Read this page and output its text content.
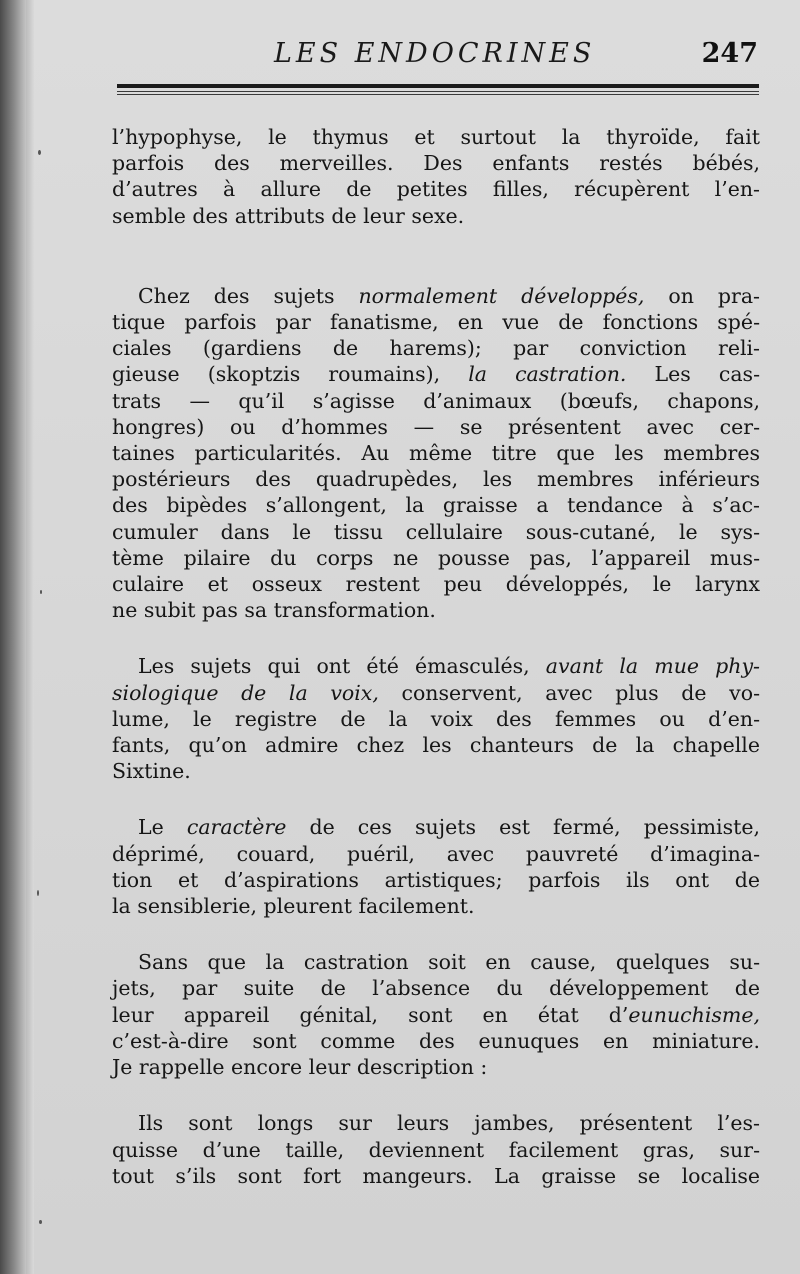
LES ENDOCRINES	247
l’hypophyse, le thymus et surtout la thyroïde, fait
parfois des merveilles. Des enfants restés bébés,
d’autres à allure de petites filles, récupèrent l’en-
semble des attributs de leur sexe.
Chez des sujets normalement développés, on pra-
tique parfois par fanatisme, en vue de fonctions spé-
ciales (gardiens de harems); par conviction reli-
gieuse (skoptzis roumains), la castration. Les cas-
trats — qu’il s’agisse d’animaux (bœufs, chapons,
hongres) ou d’hommes — se présentent avec cer-
taines particularités. Au même titre que les membres
postérieurs des quadrupèdes, les membres inférieurs
des bipèdes s’allongent, la graisse a tendance à s’ac-
cumuler dans le tissu cellulaire sous-cutané, le sys-
tème pilaire du corps ne pousse pas, l’appareil mus-
culaire et osseux restent peu développés, le larynx
ne subit pas sa transformation.
Les sujets qui ont été émasculés, avant la mue phy-
siologique de la voix, conservent, avec plus de vo-
lume, le registre de la voix des femmes ou d’en-
fants, qu’on admire chez les chanteurs de la chapelle
Sixtine.
Le caractère de ces sujets est fermé, pessimiste,
déprimé, couard, puéril, avec pauvreté d’imagina-
tion et d’aspirations artistiques; parfois ils ont de
la sensiblerie, pleurent facilement.
Sans que la castration soit en cause, quelques su-
jets, par suite de l’absence du développement de
leur appareil génital, sont en état d’eunuchisme,
c’est-à-dire sont comme des eunuques en miniature.
Je rappelle encore leur description :
Ils sont longs sur leurs jambes, présentent l’es-
quisse d’une taille, deviennent facilement gras, sur-
tout s’ils sont fort mangeurs. La graisse se localise
